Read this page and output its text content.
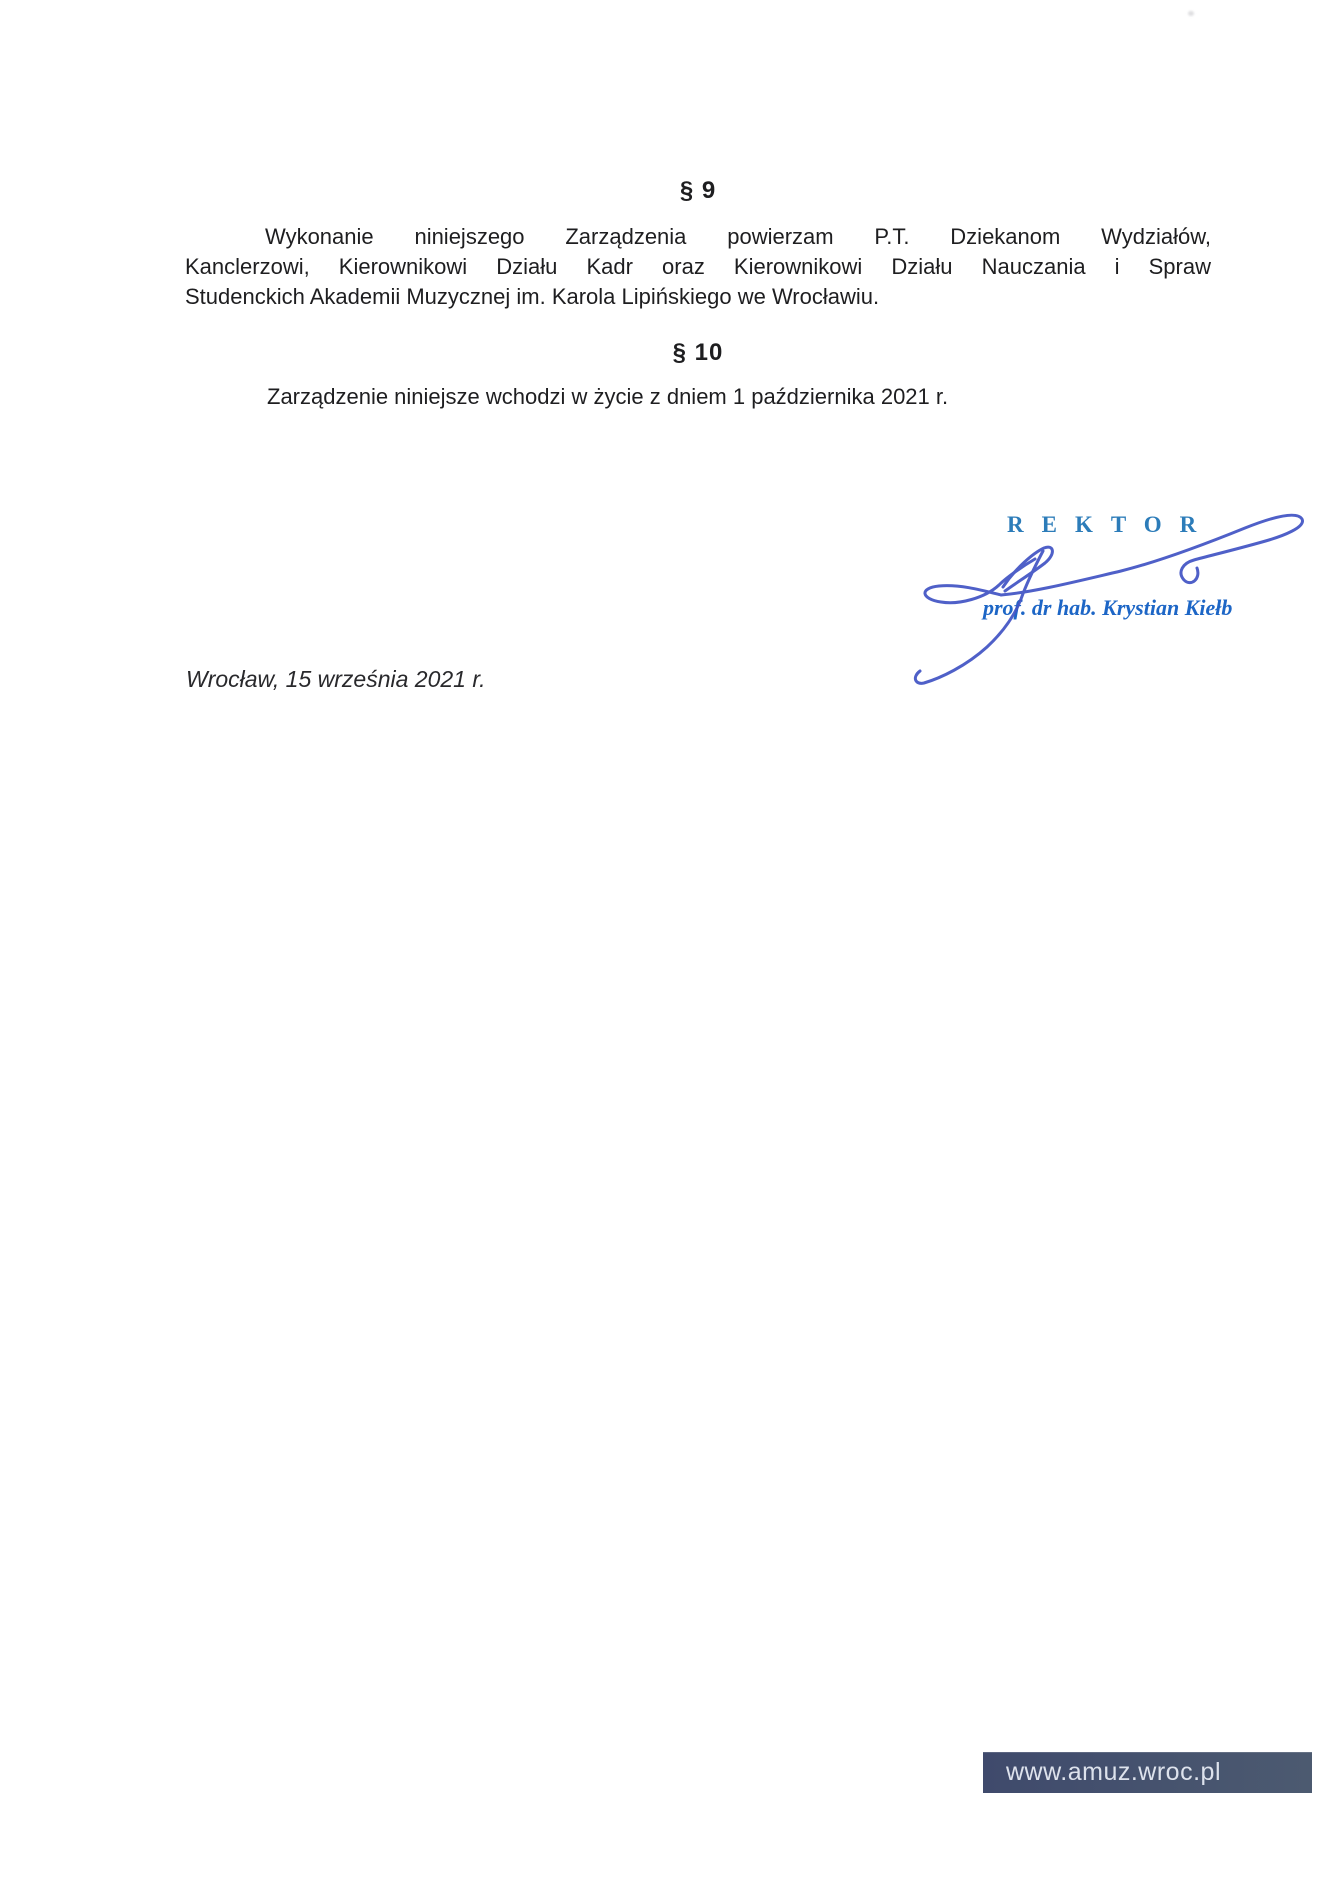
§ 9
Wykonanie niniejszego Zarządzenia powierzam P.T. Dziekanom Wydziałów,
Kanclerzowi, Kierownikowi Działu Kadr oraz Kierownikowi Działu Nauczania i Spraw
Studenckich Akademii Muzycznej im. Karola Lipińskiego we Wrocławiu.
§ 10
Zarządzenie niniejsze wchodzi w życie z dniem 1 października 2021 r.
REKTOR
prof. dr hab. Krystian Kiełb
Wrocław, 15 września 2021 r.
www.amuz.wroc.pl
